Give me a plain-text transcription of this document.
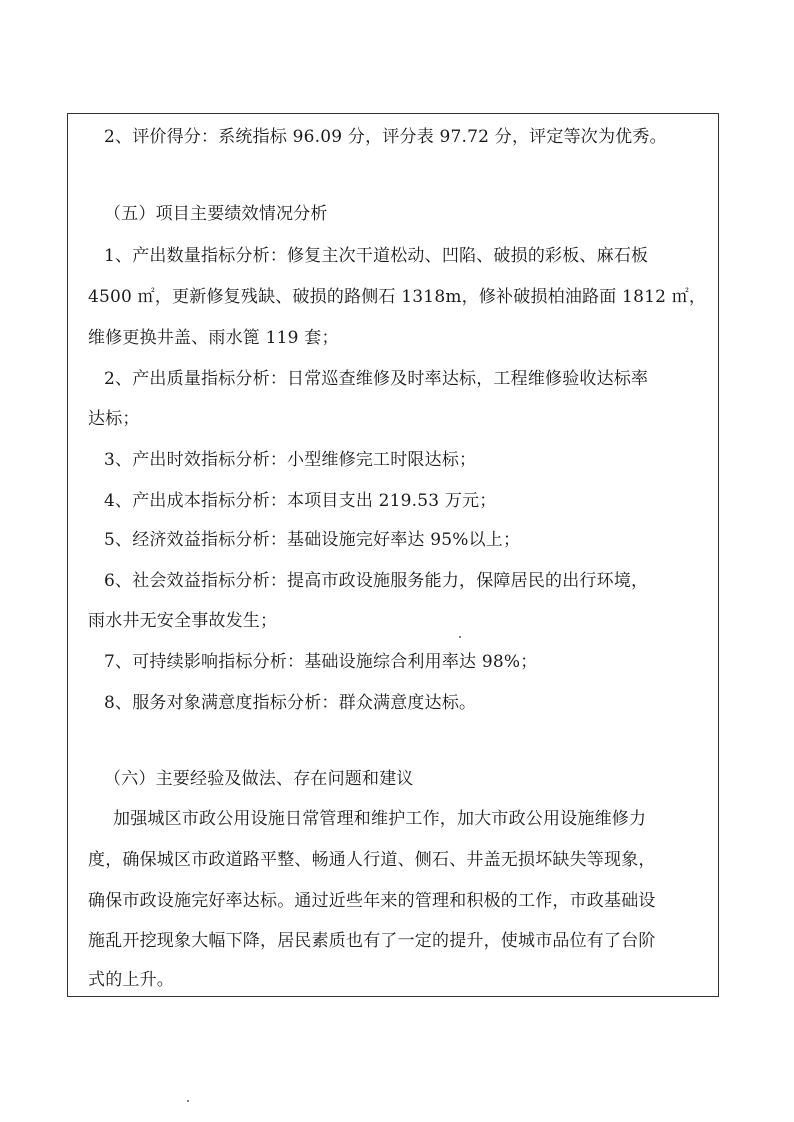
2、评价得分：系统指标 96.09 分，评分表 97.72 分，评定等次为优秀。
（五）项目主要绩效情况分析
1、产出数量指标分析：修复主次干道松动、凹陷、破损的彩板、麻石板
4500 ㎡，更新修复残缺、破损的路侧石 1318m，修补破损柏油路面 1812 ㎡，
维修更换井盖、雨水篦 119 套；
2、产出质量指标分析：日常巡查维修及时率达标，工程维修验收达标率
达标；
3、产出时效指标分析：小型维修完工时限达标；
4、产出成本指标分析：本项目支出 219.53 万元；
5、经济效益指标分析：基础设施完好率达 95%以上；
6、社会效益指标分析：提高市政设施服务能力，保障居民的出行环境，
雨水井无安全事故发生；
7、可持续影响指标分析：基础设施综合利用率达 98%；
8、服务对象满意度指标分析：群众满意度达标。
（六）主要经验及做法、存在问题和建议
加强城区市政公用设施日常管理和维护工作，加大市政公用设施维修力
度，确保城区市政道路平整、畅通人行道、侧石、井盖无损坏缺失等现象，
确保市政设施完好率达标。通过近些年来的管理和积极的工作，市政基础设
施乱开挖现象大幅下降，居民素质也有了一定的提升，使城市品位有了台阶
式的上升。
